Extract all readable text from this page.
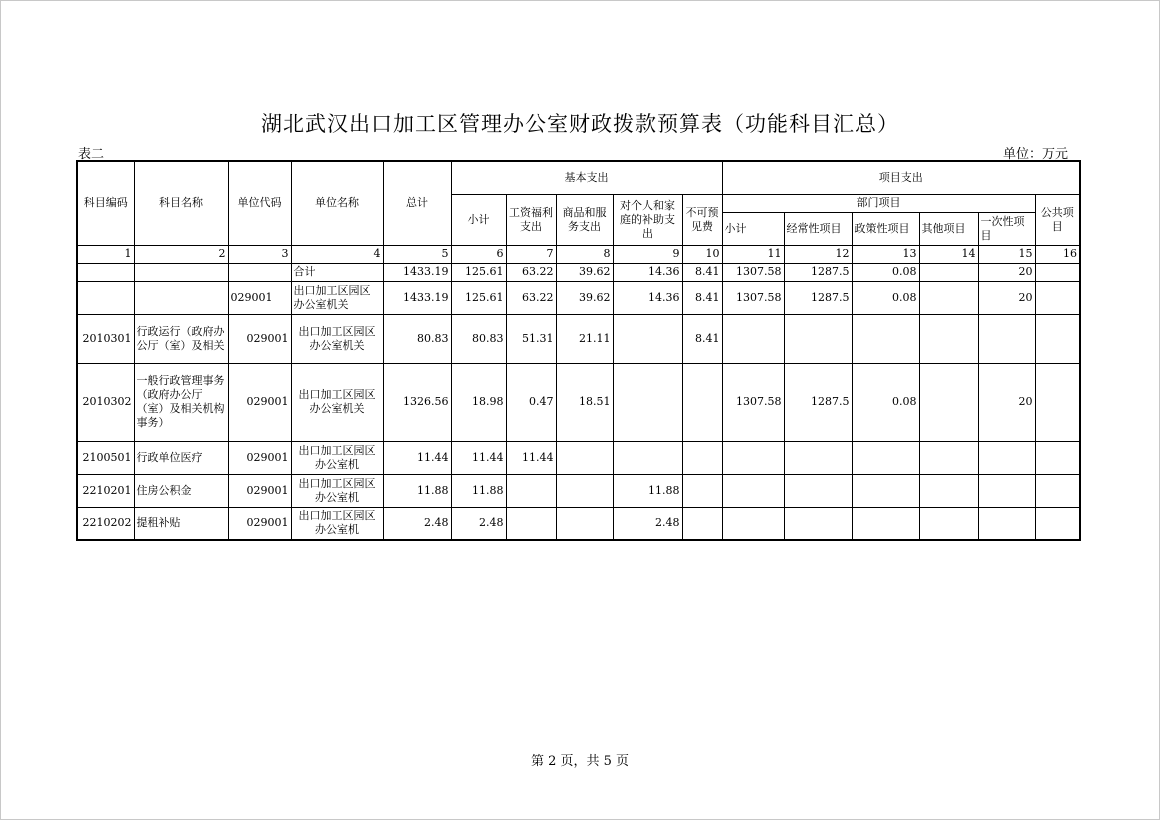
湖北武汉出口加工区管理办公室财政拨款预算表（功能科目汇总）
表二	单位：万元
科目编码	科目名称	单位代码	单位名称	总计	基本支出					项目支出					
					小计	工资福利支出	商品和服务支出	对个人和家庭的补助支出	不可预见费	部门项目					公共项目
										小计	经常性项目	政策性项目	其他项目	一次性项目	
1	2	3	4	5	6	7	8	9	10	11	12	13	14	15	16
			合计	1433.19	125.61	63.22	39.62	14.36	8.41	1307.58	1287.5	0.08		20	
		029001	出口加工区园区办公室机关	1433.19	125.61	63.22	39.62	14.36	8.41	1307.58	1287.5	0.08		20	
2010301	行政运行（政府办公厅（室）及相关	029001	出口加工区园区办公室机关	80.83	80.83	51.31	21.11		8.41						
2010302	一般行政管理事务（政府办公厅（室）及相关机构事务）	029001	出口加工区园区办公室机关	1326.56	18.98	0.47	18.51			1307.58	1287.5	0.08		20	
2100501	行政单位医疗	029001	出口加工区园区办公室机	11.44	11.44	11.44									
2210201	住房公积金	029001	出口加工区园区办公室机	11.88	11.88			11.88							
2210202	提租补贴	029001	出口加工区园区办公室机	2.48	2.48			2.48							
第 2 页，共 5 页
